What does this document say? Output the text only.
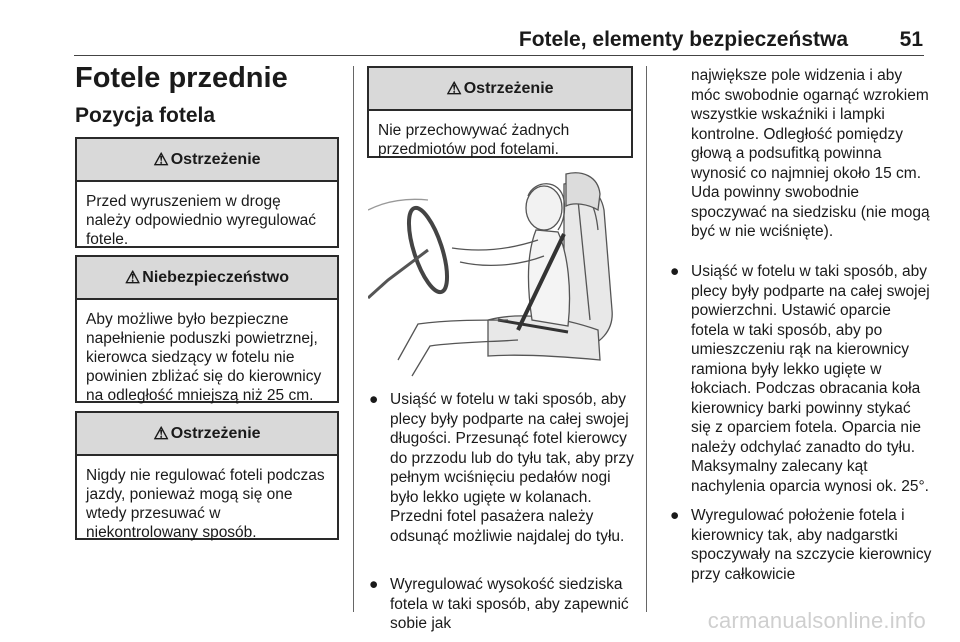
Fotele, elementy bezpieczeństwa 51
Fotele przednie
Pozycja fotela
⚠ Ostrzeżenie
Przed wyruszeniem w drogę należy odpowiednio wyregulować fotele.
⚠ Niebezpieczeństwo
Aby możliwe było bezpieczne napełnienie poduszki powietrznej, kierowca siedzący w fotelu nie powinien zbliżać się do kierownicy na odległość mniejszą niż 25 cm.
⚠ Ostrzeżenie
Nigdy nie regulować foteli podczas jazdy, ponieważ mogą się one wtedy przesuwać w niekontrolowany sposób.
⚠ Ostrzeżenie
Nie przechowywać żadnych przedmiotów pod fotelami.
● Usiąść w fotelu w taki sposób, aby plecy były podparte na całej swojej długości. Przesunąć fotel kierowcy do przzodu lub do tyłu tak, aby przy pełnym wciśnięciu pedałów nogi było lekko ugięte w kolanach. Przedni fotel pasażera należy odsunąć możliwie najdalej do tyłu.
● Wyregulować wysokość siedziska fotela w taki sposób, aby zapewnić sobie jak
największe pole widzenia i aby móc swobodnie ogarnąć wzrokiem wszystkie wskaźniki i lampki kontrolne. Odległość pomiędzy głową a podsufitką powinna wynosić co najmniej około 15 cm. Uda powinny swobodnie spoczywać na siedzisku (nie mogą być w nie wciśnięte).
● Usiąść w fotelu w taki sposób, aby plecy były podparte na całej swojej powierzchni. Ustawić oparcie fotela w taki sposób, aby po umieszczeniu rąk na kierownicy ramiona były lekko ugięte w łokciach. Podczas obracania koła kierownicy barki powinny stykać się z oparciem fotela. Oparcia nie należy odchylać zanadto do tyłu. Maksymalny zalecany kąt nachylenia oparcia wynosi ok. 25°.
● Wyregulować położenie fotela i kierownicy tak, aby nadgarstki spoczywały na szczycie kierownicy przy całkowicie
carmanualsonline.info
